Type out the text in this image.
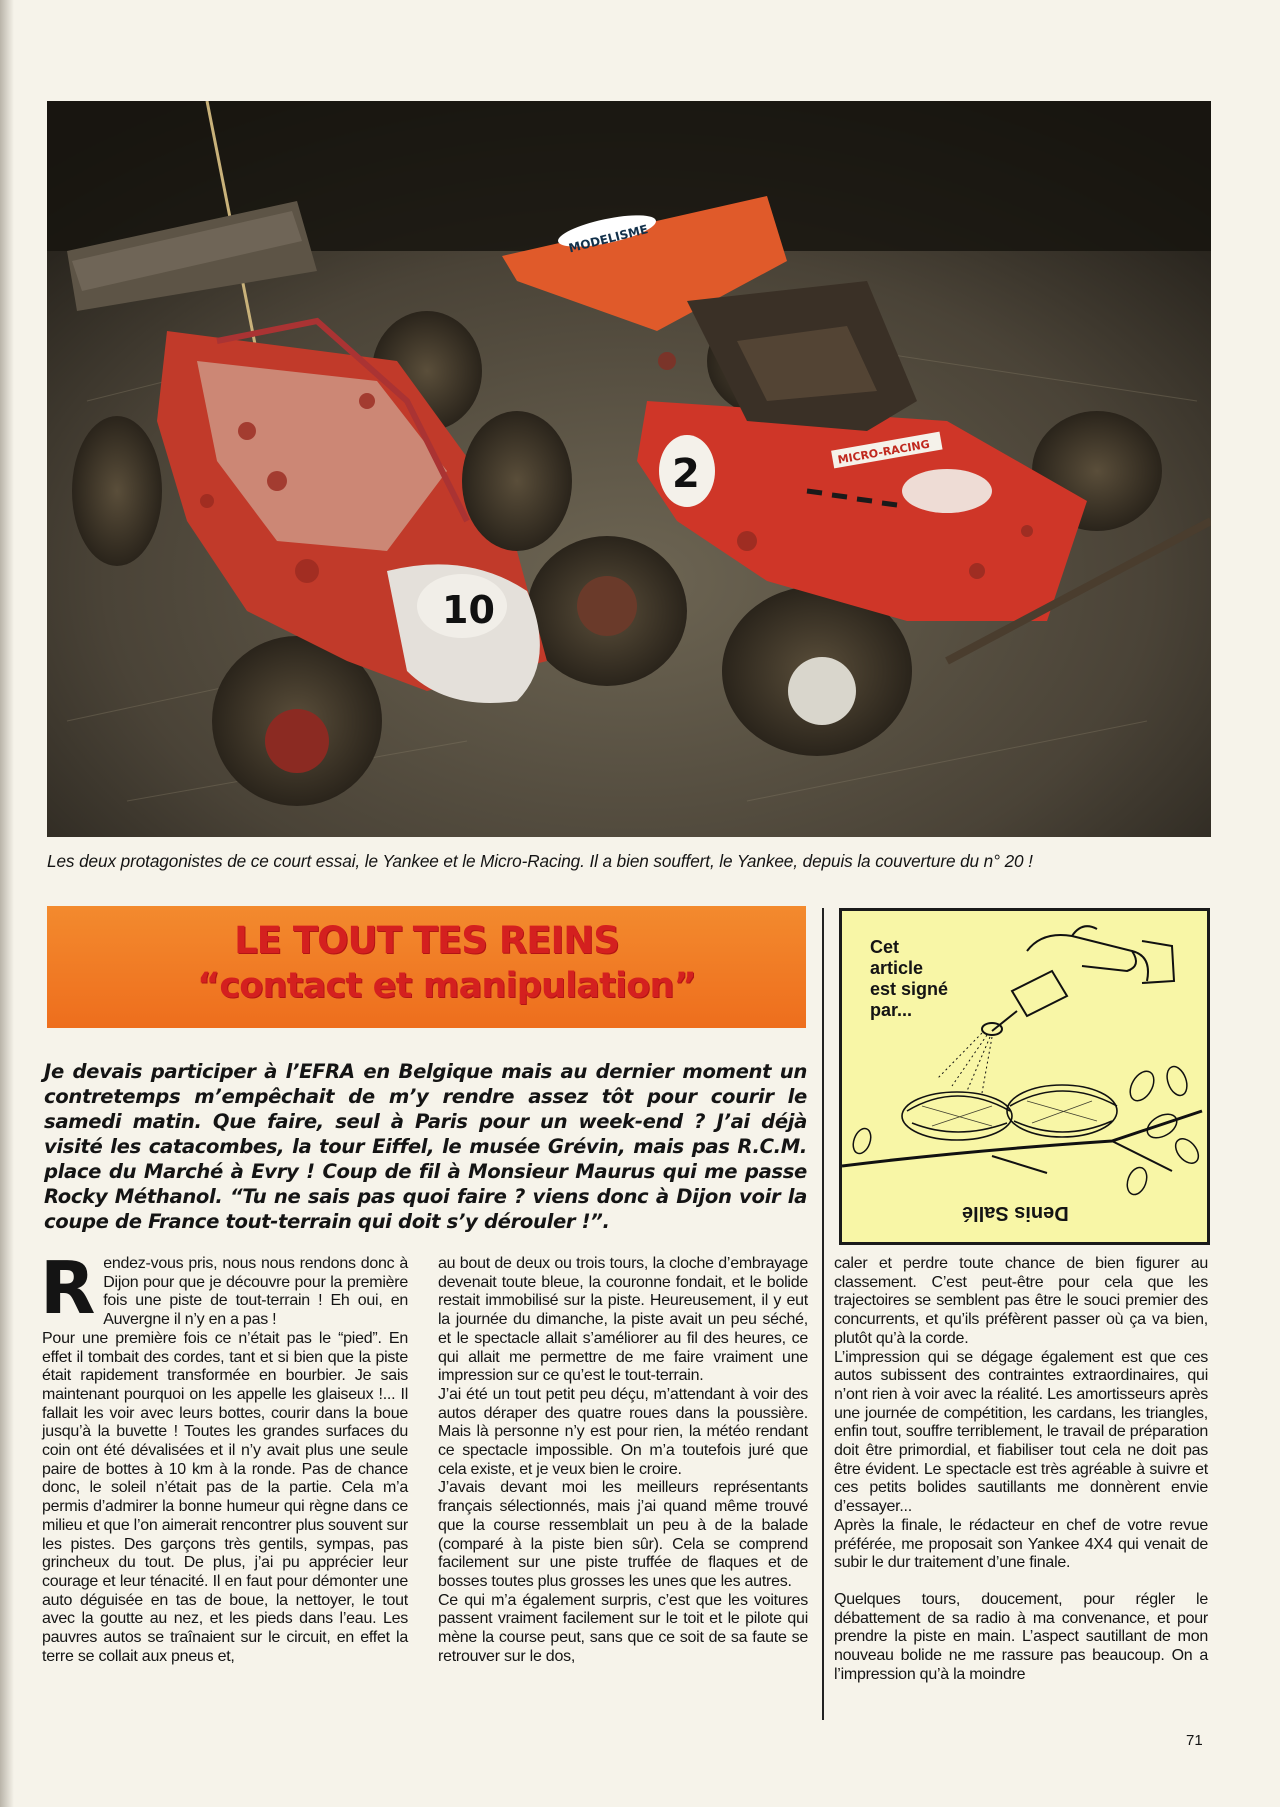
10
MODELISME
2	MICRO-RACING
Les deux protagonistes de ce court essai, le Yankee et le Micro-Racing. Il a bien souffert, le Yankee, depuis la couverture du n° 20 !
LE TOUT TES REINS
“contact et manipulation”
Cet
article
est signé
par...
Denis Sallé
Je devais participer à l’EFRA en Belgique mais au dernier moment un contretemps m’empêchait de m’y rendre assez tôt pour courir le samedi matin. Que faire, seul à Paris pour un week-end ? J’ai déjà visité les catacombes, la tour Eiffel, le musée Grévin, mais pas R.C.M. place du Marché à Evry ! Coup de fil à Monsieur Maurus qui me passe Rocky Méthanol. “Tu ne sais pas quoi faire ? viens donc à Dijon voir la coupe de France tout-terrain qui doit s’y dérouler !”.

R endez-vous pris, nous nous rendons donc à Dijon pour que je découvre pour la première fois une piste de tout-terrain ! Eh oui, en Auvergne il n’y en a pas !

Pour une première fois ce n’était pas le “pied”. En effet il tombait des cordes, tant et si bien que la piste était rapidement transformée en bourbier. Je sais maintenant pourquoi on les appelle les glaiseux !... Il fallait les voir avec leurs bottes, courir dans la boue jusqu’à la buvette ! Toutes les grandes surfaces du coin ont été dévalisées et il n’y avait plus une seule paire de bottes à 10 km à la ronde. Pas de chance donc, le soleil n’était pas de la partie. Cela m’a permis d’admirer la bonne humeur qui règne dans ce milieu et que l’on aimerait rencontrer plus souvent sur les pistes. Des garçons très gentils, sympas, pas grincheux du tout. De plus, j’ai pu apprécier leur courage et leur ténacité. Il en faut pour démonter une auto déguisée en tas de boue, la nettoyer, le tout avec la goutte au nez, et les pieds dans l’eau. Les pauvres autos se traînaient sur le circuit, en effet la terre se collait aux pneus et,

au bout de deux ou trois tours, la cloche d’embrayage devenait toute bleue, la couronne fondait, et le bolide restait immobilisé sur la piste. Heureusement, il y eut la journée du dimanche, la piste avait un peu séché, et le spectacle allait s’améliorer au fil des heures, ce qui allait me permettre de me faire vraiment une impression sur ce qu’est le tout-terrain.

J’ai été un tout petit peu déçu, m’attendant à voir des autos déraper des quatre roues dans la poussière. Mais là personne n’y est pour rien, la météo rendant ce spectacle impossible. On m’a toutefois juré que cela existe, et je veux bien le croire.

J’avais devant moi les meilleurs représentants français sélectionnés, mais j’ai quand même trouvé que la course ressemblait un peu à de la balade (comparé à la piste bien sûr). Cela se comprend facilement sur une piste truffée de flaques et de bosses toutes plus grosses les unes que les autres.

Ce qui m’a également surpris, c’est que les voitures passent vraiment facilement sur le toit et le pilote qui mène la course peut, sans que ce soit de sa faute se retrouver sur le dos,

caler et perdre toute chance de bien figurer au classement. C’est peut-être pour cela que les trajectoires se semblent pas être le souci premier des concurrents, et qu’ils préfèrent passer où ça va bien, plutôt qu’à la corde.

L’impression qui se dégage également est que ces autos subissent des contraintes extraordinaires, qui n’ont rien à voir avec la réalité. Les amortisseurs après une journée de compétition, les cardans, les triangles, enfin tout, souffre terriblement, le travail de préparation doit être primordial, et fiabiliser tout cela ne doit pas être évident. Le spectacle est très agréable à suivre et ces petits bolides sautillants me donnèrent envie d’essayer...

Après la finale, le rédacteur en chef de votre revue préférée, me proposait son Yankee 4X4 qui venait de subir le dur traitement d’une finale.

Quelques tours, doucement, pour régler le débattement de sa radio à ma convenance, et pour prendre la piste en main. L’aspect sautillant de mon nouveau bolide ne me rassure pas beaucoup. On a l’impression qu’à la moindre

71
